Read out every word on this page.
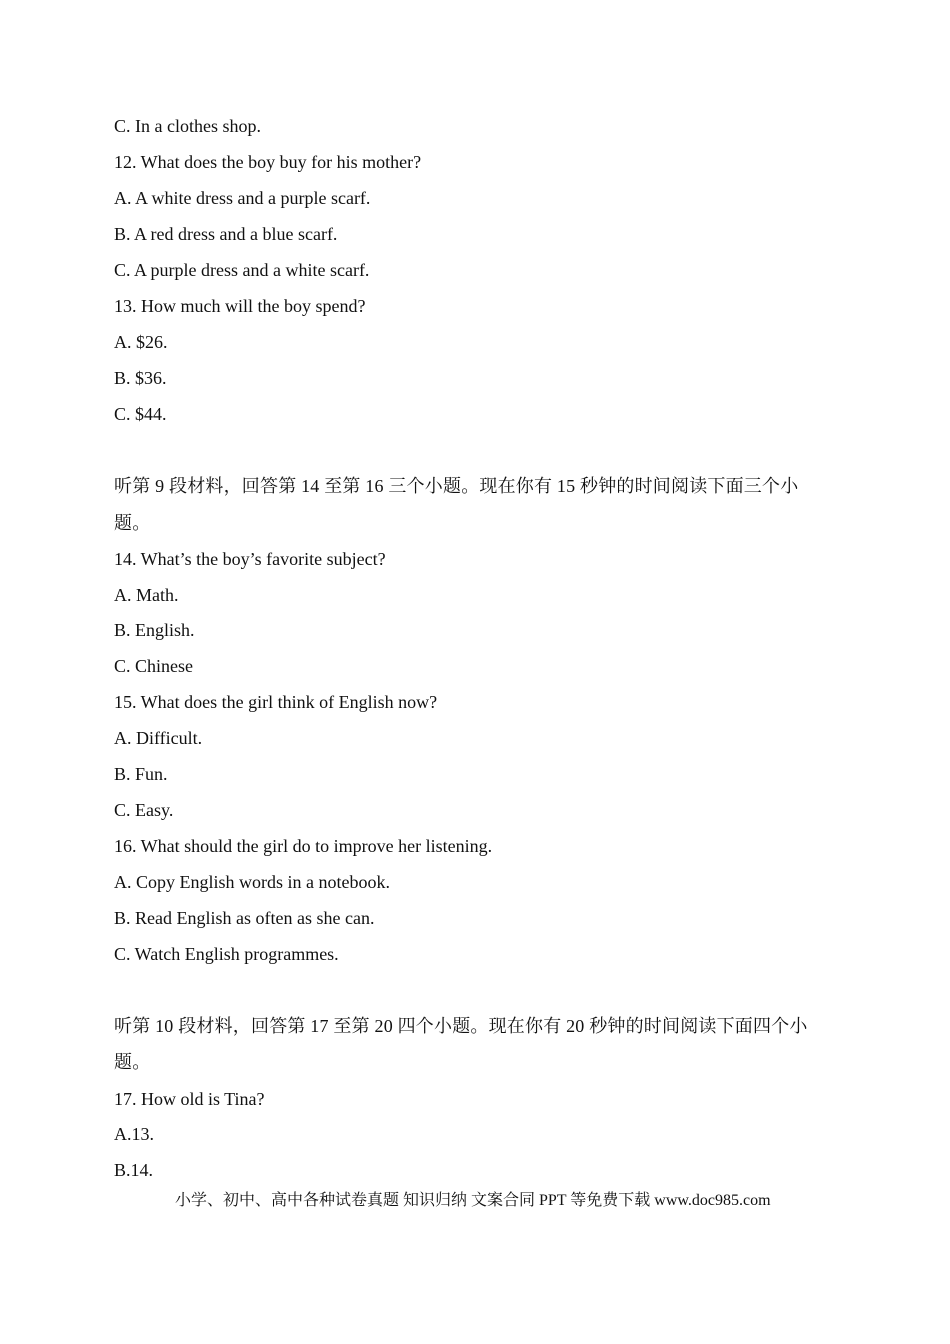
C. In a clothes shop.
12. What does the boy buy for his mother?
A. A white dress and a purple scarf.
B. A red dress and a blue scarf.
C. A purple dress and a white scarf.
13. How much will the boy spend?
A. $26.
B. $36.
C. $44.
听第 9 段材料，回答第 14 至第 16 三个小题。现在你有 15 秒钟的时间阅读下面三个小
题。
14. What’s the boy’s favorite subject?
A. Math.
B. English.
C. Chinese
15. What does the girl think of English now?
A. Difficult.
B. Fun.
C. Easy.
16. What should the girl do to improve her listening.
A. Copy English words in a notebook.
B. Read English as often as she can.
C. Watch English programmes.
听第 10 段材料，回答第 17 至第 20 四个小题。现在你有 20 秒钟的时间阅读下面四个小
题。
17. How old is Tina?
A.13.
B.14.
小学、初中、高中各种试卷真题 知识归纳 文案合同 PPT 等免费下载 www.doc985.com
